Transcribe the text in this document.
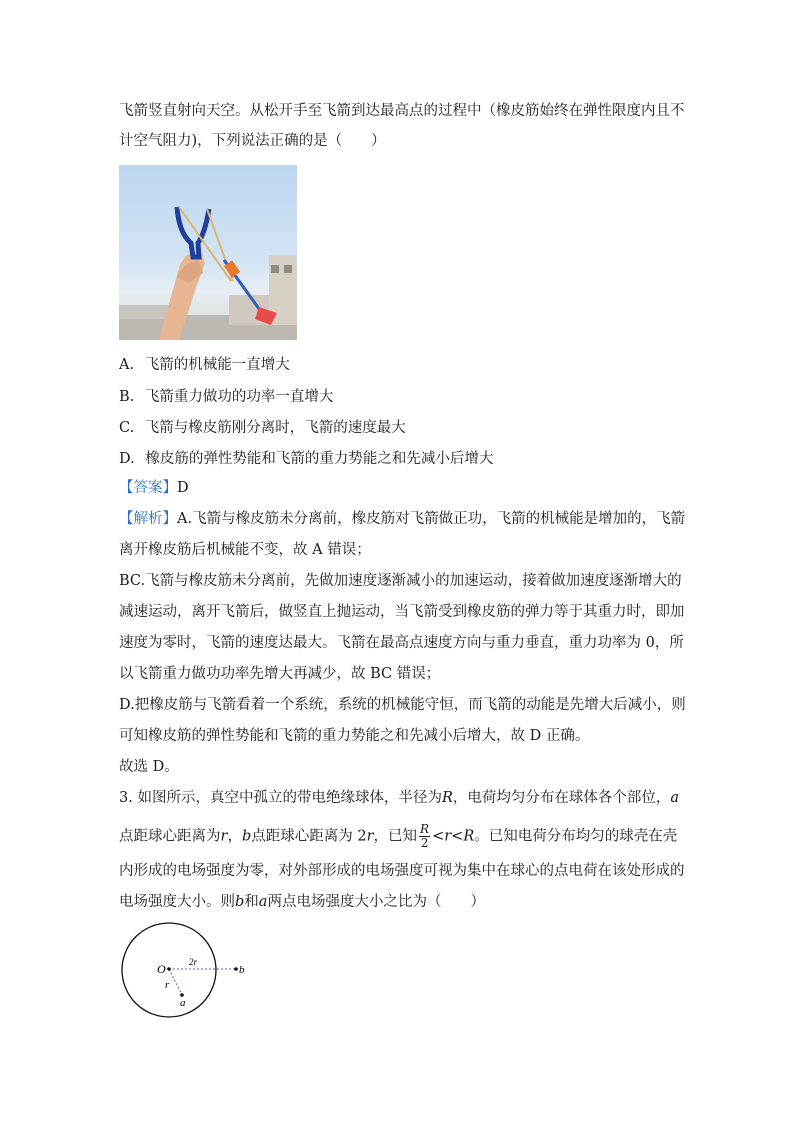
飞箭竖直射向天空。从松开手至飞箭到达最高点的过程中（橡皮筋始终在弹性限度内且不
计空气阻力)，下列说法正确的是（　　）
A. 飞箭的机械能一直增大
B. 飞箭重力做功的功率一直增大
C. 飞箭与橡皮筋刚分离时，飞箭的速度最大
D. 橡皮筋的弹性势能和飞箭的重力势能之和先减小后增大
【答案】D
【解析】A.飞箭与橡皮筋未分离前，橡皮筋对飞箭做正功，飞箭的机械能是增加的，飞箭
离开橡皮筋后机械能不变，故 A 错误；
BC.飞箭与橡皮筋未分离前，先做加速度逐渐减小的加速运动，接着做加速度逐渐增大的
减速运动，离开飞箭后，做竖直上抛运动，当飞箭受到橡皮筋的弹力等于其重力时，即加
速度为零时，飞箭的速度达最大。飞箭在最高点速度方向与重力垂直，重力功率为 0，所
以飞箭重力做功功率先增大再减少，故 BC 错误；
D.把橡皮筋与飞箭看着一个系统，系统的机械能守恒，而飞箭的动能是先增大后减小，则
可知橡皮筋的弹性势能和飞箭的重力势能之和先减小后增大，故 D 正确。
故选 D。
3. 如图所示，真空中孤立的带电绝缘球体，半径为R，电荷均匀分布在球体各个部位，a
点距球心距离为r，b点距球心距离为 2r，已知 $\frac{R}{2} <r<R$。已知电荷分布均匀的球壳在壳
内形成的电场强度为零，对外部形成的电场强度可视为集中在球心的点电荷在该处形成的
电场强度大小。则b和a两点电场强度大小之比为（　　）
O	2r
b
r
a
